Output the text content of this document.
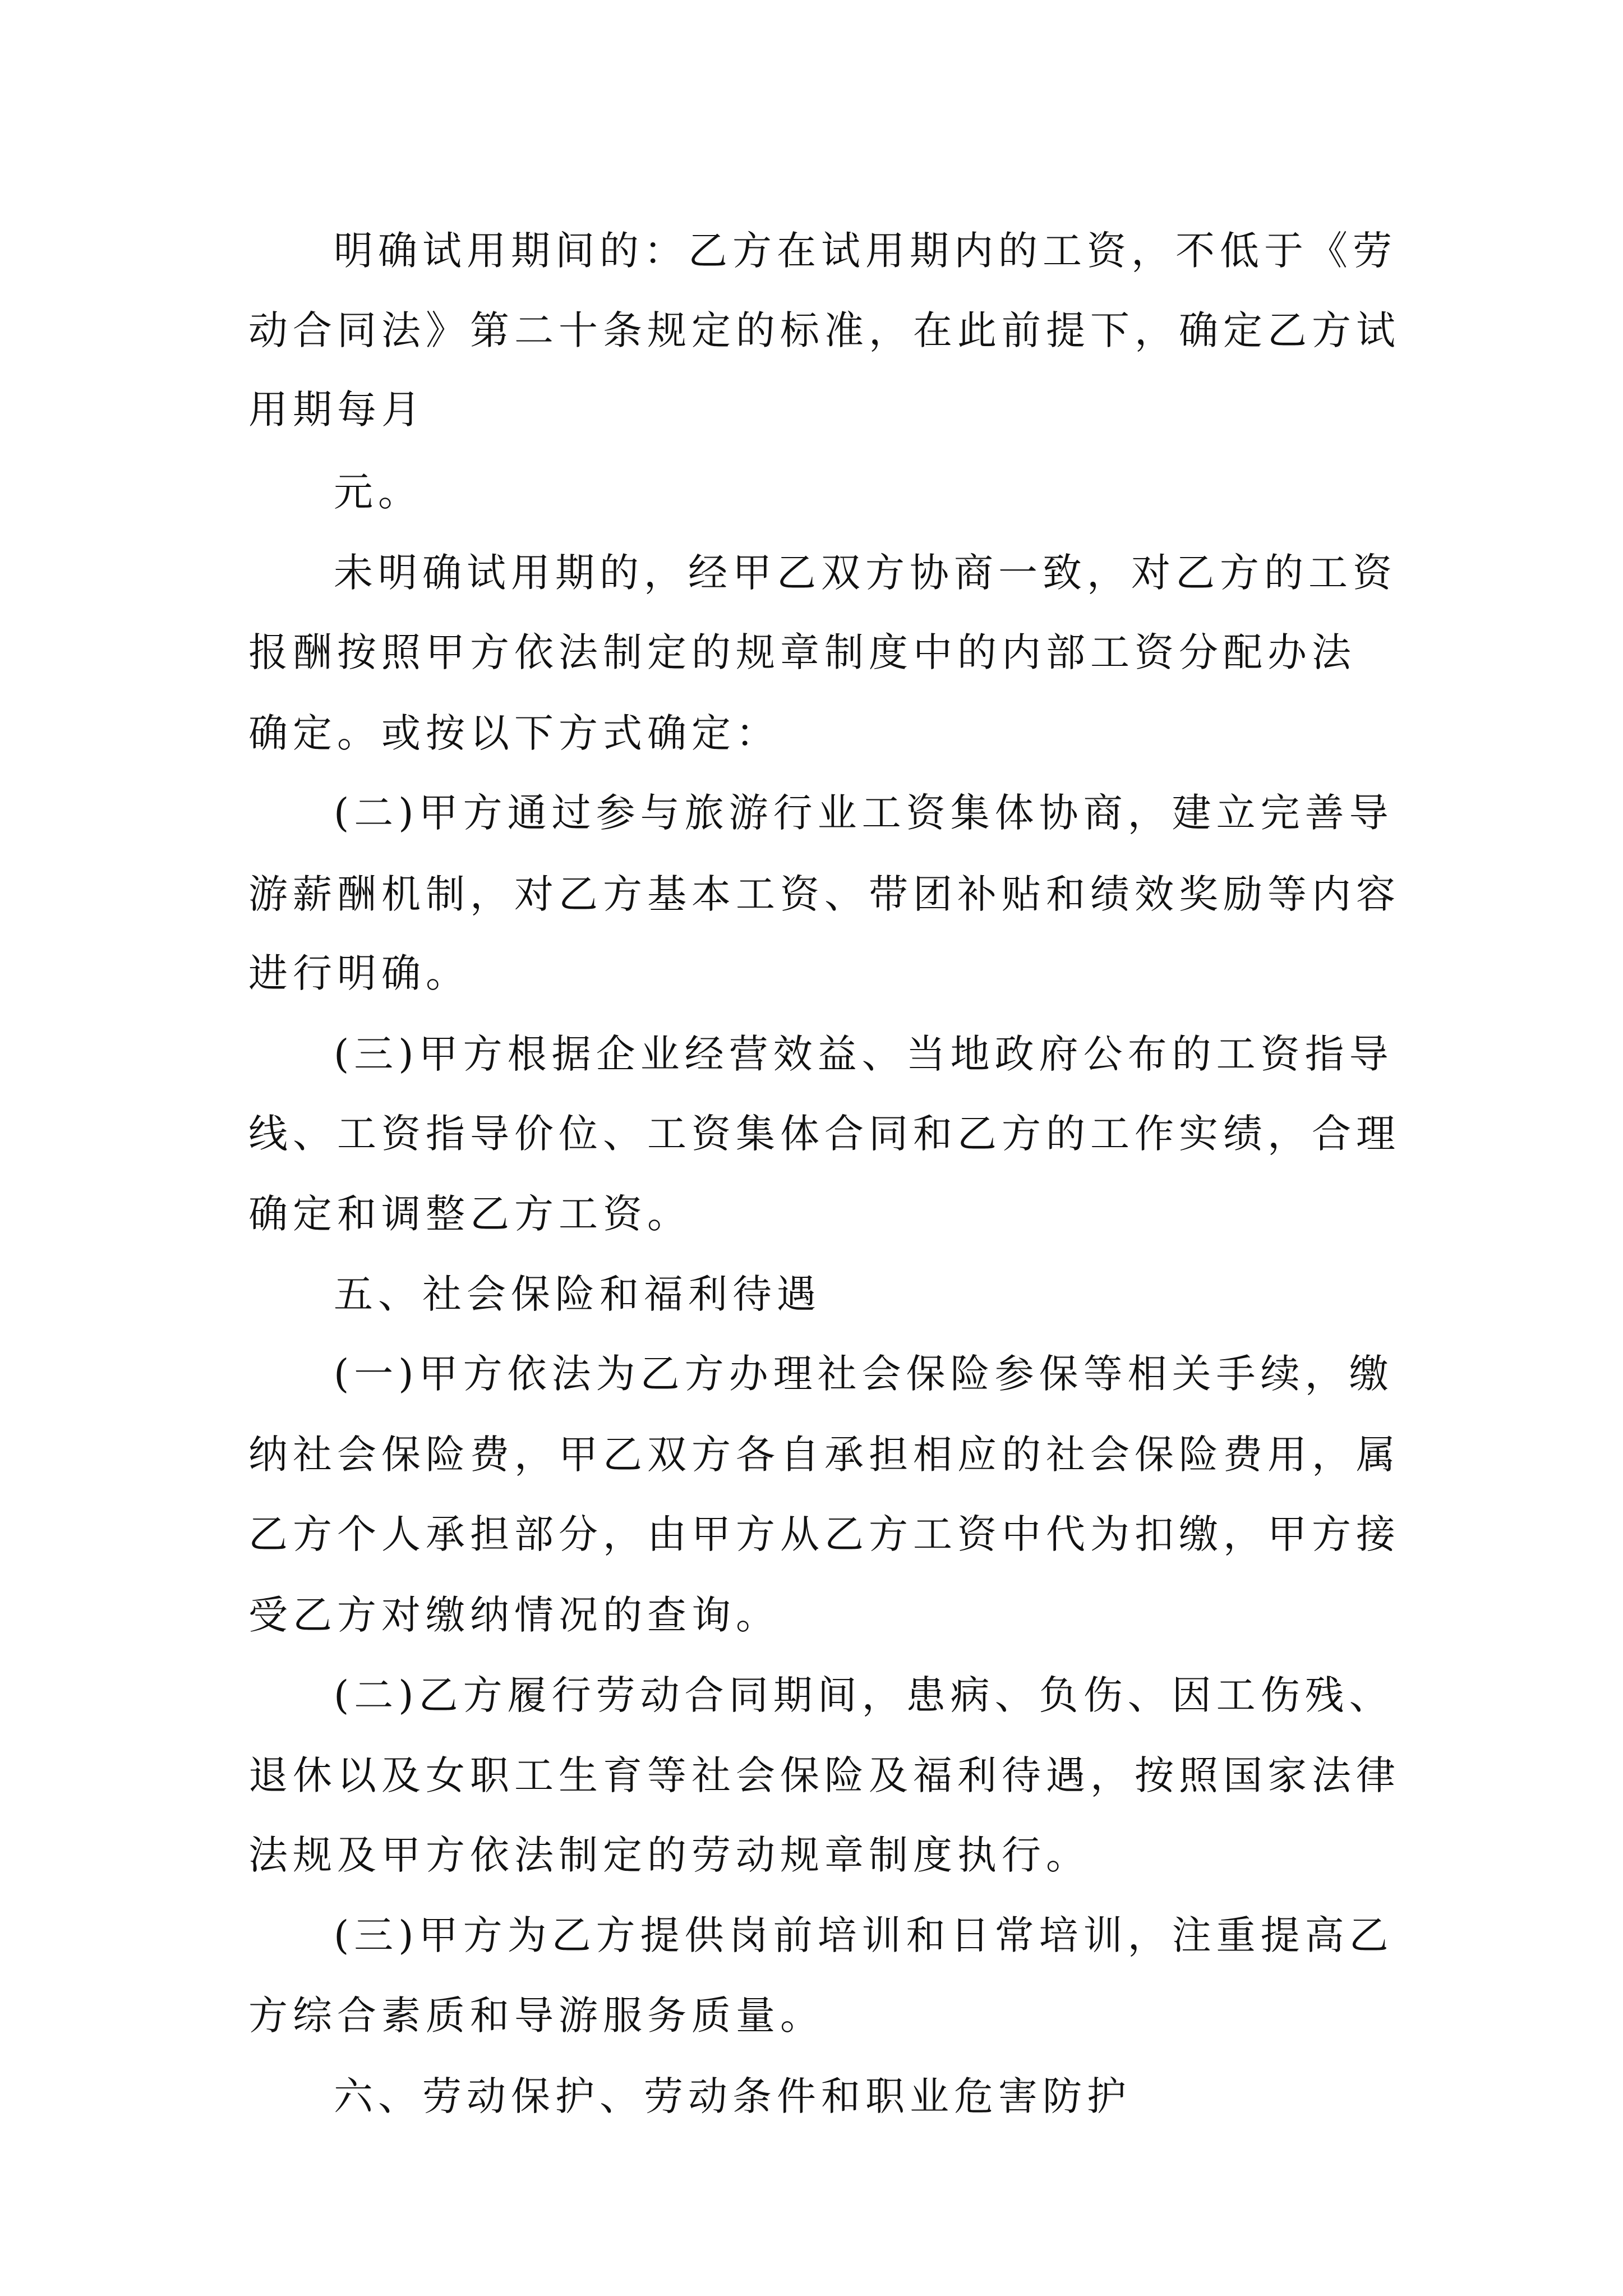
明确试用期间的：乙方在试用期内的工资，不低于《劳
动合同法》第二十条规定的标准，在此前提下，确定乙方试
用期每月
元。
未明确试用期的，经甲乙双方协商一致，对乙方的工资
报酬按照甲方依法制定的规章制度中的内部工资分配办法
确定。或按以下方式确定：
(二)甲方通过参与旅游行业工资集体协商，建立完善导
游薪酬机制，对乙方基本工资、带团补贴和绩效奖励等内容
进行明确。
(三)甲方根据企业经营效益、当地政府公布的工资指导
线、工资指导价位、工资集体合同和乙方的工作实绩，合理
确定和调整乙方工资。
五、社会保险和福利待遇
(一)甲方依法为乙方办理社会保险参保等相关手续，缴
纳社会保险费，甲乙双方各自承担相应的社会保险费用，属
乙方个人承担部分，由甲方从乙方工资中代为扣缴，甲方接
受乙方对缴纳情况的查询。
(二)乙方履行劳动合同期间，患病、负伤、因工伤残、
退休以及女职工生育等社会保险及福利待遇，按照国家法律
法规及甲方依法制定的劳动规章制度执行。
(三)甲方为乙方提供岗前培训和日常培训，注重提高乙
方综合素质和导游服务质量。
六、劳动保护、劳动条件和职业危害防护
